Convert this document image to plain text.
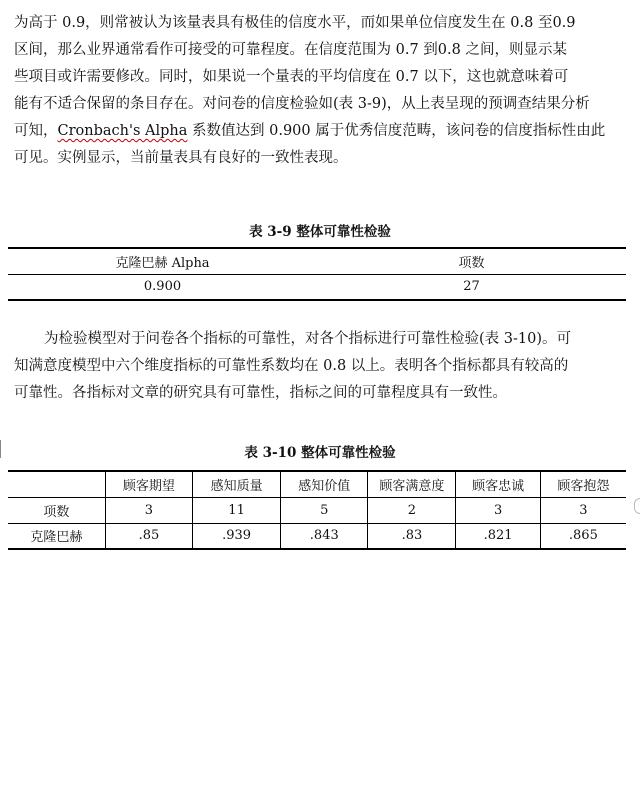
为高于 0.9，则常被认为该量表具有极佳的信度水平，而如果单位信度发生在 0.8 至0.9
区间，那么业界通常看作可接受的可靠程度。在信度范围为 0.7 到0.8 之间，则显示某
些项目或许需要修改。同时，如果说一个量表的平均信度在 0.7 以下，这也就意味着可
能有不适合保留的条目存在。对问卷的信度检验如(表 3-9)，从上表呈现的预调查结果分析
可知，Cronbach's Alpha 系数值达到 0.900 属于优秀信度范畴，该问卷的信度指标性由此
可见。实例显示，当前量表具有良好的一致性表现。
表 3-9 整体可靠性检验
克隆巴赫 Alpha	项数
0.900	27
为检验模型对于问卷各个指标的可靠性，对各个指标进行可靠性检验(表 3-10)。可
知满意度模型中六个维度指标的可靠性系数均在 0.8 以上。表明各个指标都具有较高的
可靠性。各指标对文章的研究具有可靠性，指标之间的可靠程度具有一致性。
表 3-10 整体可靠性检验
	顾客期望	感知质量	感知价值	顾客满意度	顾客忠诚	顾客抱怨
项数	3	11	5	2	3	3
克隆巴赫	.85	.939	.843	.83	.821	.865
